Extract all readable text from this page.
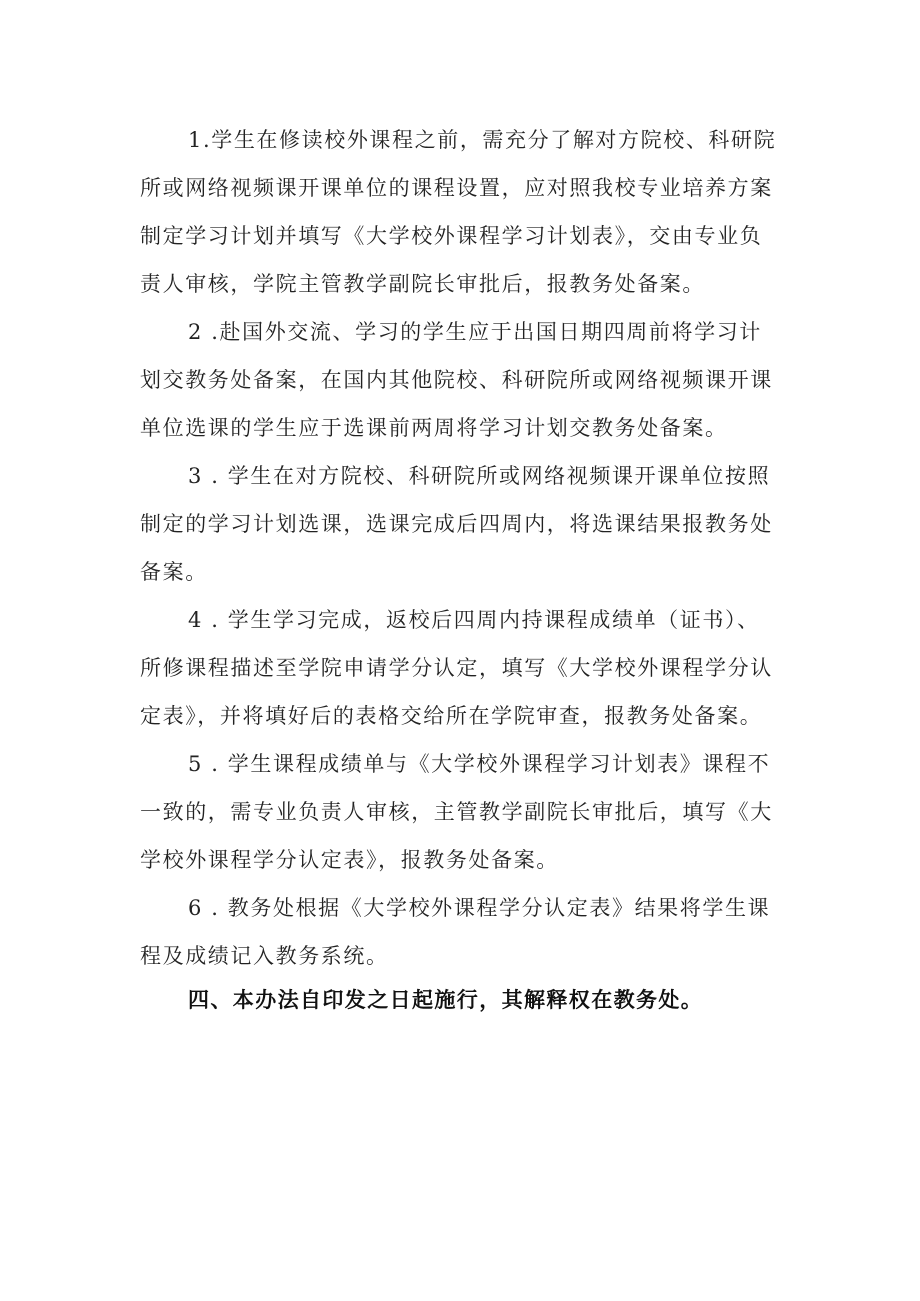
1.学生在修读校外课程之前，需充分了解对方院校、科研院
所或网络视频课开课单位的课程设置，应对照我校专业培养方案
制定学习计划并填写《大学校外课程学习计划表》，交由专业负
责人审核，学院主管教学副院长审批后，报教务处备案。
2 .赴国外交流、学习的学生应于出国日期四周前将学习计
划交教务处备案，在国内其他院校、科研院所或网络视频课开课
单位选课的学生应于选课前两周将学习计划交教务处备案。
3 . 学生在对方院校、科研院所或网络视频课开课单位按照
制定的学习计划选课，选课完成后四周内，将选课结果报教务处
备案。
4 . 学生学习完成，返校后四周内持课程成绩单（证书）、
所修课程描述至学院申请学分认定，填写《大学校外课程学分认
定表》，并将填好后的表格交给所在学院审查，报教务处备案。
5 . 学生课程成绩单与《大学校外课程学习计划表》课程不
一致的，需专业负责人审核，主管教学副院长审批后，填写《大
学校外课程学分认定表》，报教务处备案。
6 . 教务处根据《大学校外课程学分认定表》结果将学生课
程及成绩记入教务系统。
四、本办法自印发之日起施行，其解释权在教务处。
